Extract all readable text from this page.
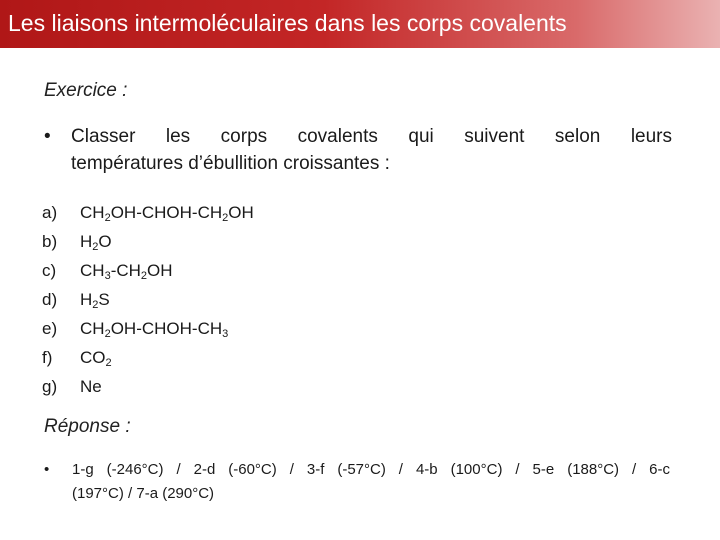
Les liaisons intermoléculaires dans les corps covalents
Exercice :
• Classer les corps covalents qui suivent selon leurs
températures d’ébullition croissantes :
a)	$CH_2OH-CHOH-CH_2OH$
b)	$H_2O$
c)	$CH_3-CH_2OH$
d)	$H_2S$
e)	$CH_2OH-CHOH-CH_3$
f)	$CO_2$
g)	Ne
Réponse :
• 1-g (-246°C) / 2-d (-60°C) / 3-f (-57°C) / 4-b (100°C) / 5-e (188°C) / 6-c
(197°C) / 7-a (290°C)
